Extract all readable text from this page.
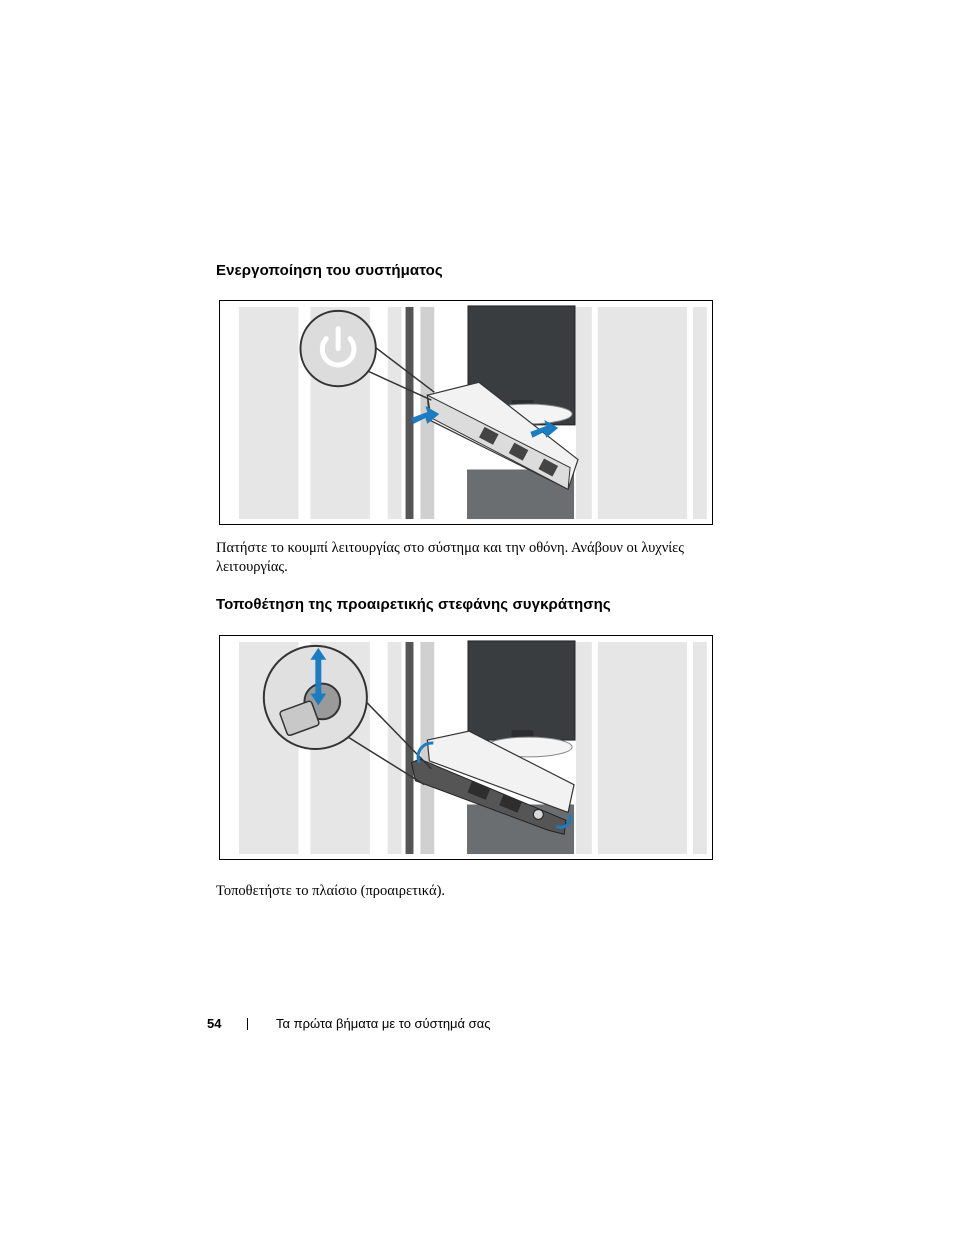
Ενεργοποίηση του συστήματος

Πατήστε το κουμπί λειτουργίας στο σύστημα και την οθόνη. Ανάβουν οι λυχνίες λειτουργίας.

Τοποθέτηση της προαιρετικής στεφάνης συγκράτησης

Τοποθετήστε το πλαίσιο (προαιρετικά).

54	Τα πρώτα βήματα με το σύστημά σας
